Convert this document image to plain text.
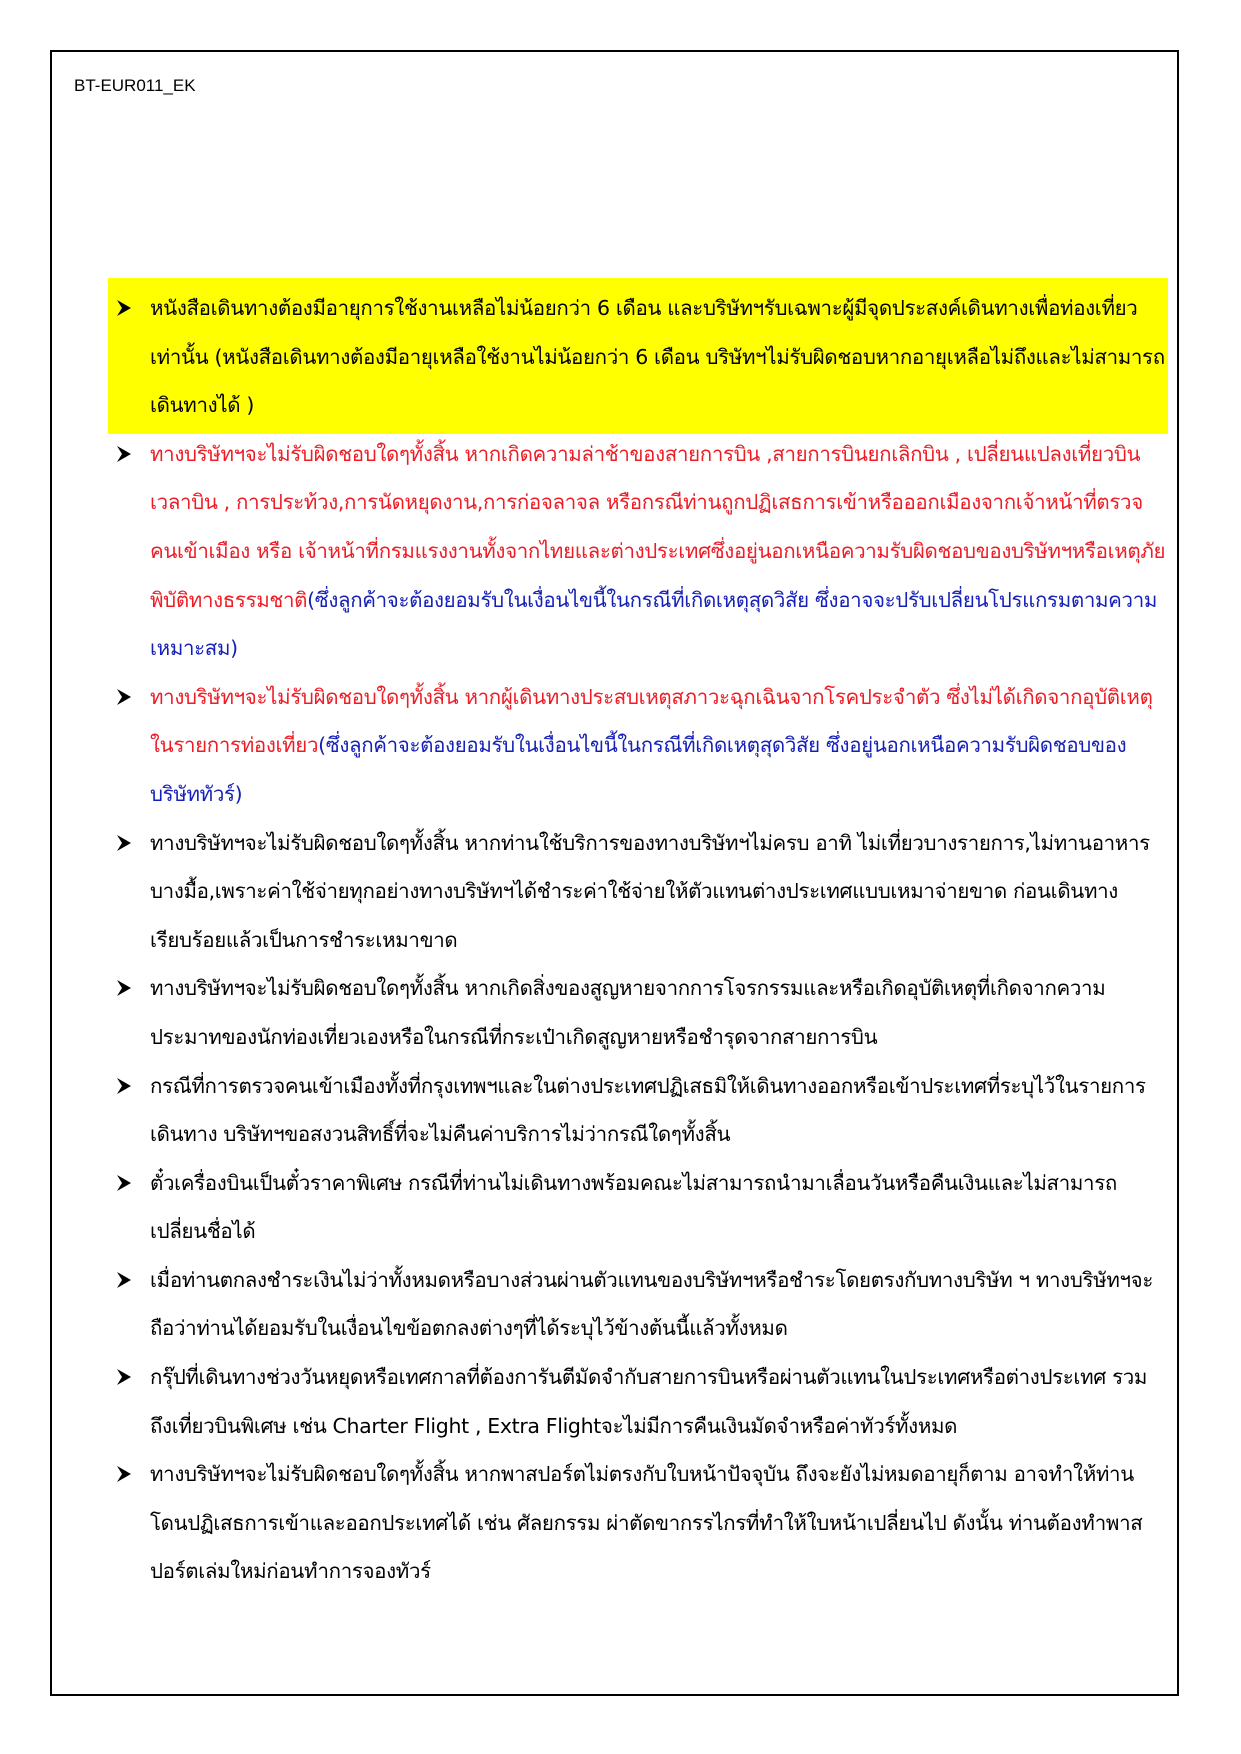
BT-EUR011_EK
หนังสือเดินทางต้องมีอายุการใช้งานเหลือไม่น้อยกว่า 6 เดือน และบริษัทฯรับเฉพาะผู้มีจุดประสงค์เดินทางเพื่อท่องเที่ยวเท่านั้น (หนังสือเดินทางต้องมีอายุเหลือใช้งานไม่น้อยกว่า 6 เดือน บริษัทฯไม่รับผิดชอบหากอายุเหลือไม่ถึงและไม่สามารถเดินทางได้ )
ทางบริษัทฯจะไม่รับผิดชอบใดๆทั้งสิ้น หากเกิดความล่าช้าของสายการบิน ,สายการบินยกเลิกบิน , เปลี่ยนแปลงเที่ยวบิน เวลาบิน , การประท้วง,การนัดหยุดงาน,การก่อจลาจล หรือกรณีท่านถูกปฏิเสธการเข้าหรือออกเมืองจากเจ้าหน้าที่ตรวจคนเข้าเมือง หรือ เจ้าหน้าที่กรมแรงงานทั้งจากไทยและต่างประเทศซึ่งอยู่นอกเหนือความรับผิดชอบของบริษัทฯหรือเหตุภัยพิบัติทางธรรมชาติ(ซึ่งลูกค้าจะต้องยอมรับในเงื่อนไขนี้ในกรณีที่เกิดเหตุสุดวิสัย ซึ่งอาจจะปรับเปลี่ยนโปรแกรมตามความเหมาะสม)
ทางบริษัทฯจะไม่รับผิดชอบใดๆทั้งสิ้น หากผู้เดินทางประสบเหตุสภาวะฉุกเฉินจากโรคประจำตัว ซึ่งไม่ได้เกิดจากอุบัติเหตุในรายการท่องเที่ยว(ซึ่งลูกค้าจะต้องยอมรับในเงื่อนไขนี้ในกรณีที่เกิดเหตุสุดวิสัย ซึ่งอยู่นอกเหนือความรับผิดชอบของบริษัททัวร์)
ทางบริษัทฯจะไม่รับผิดชอบใดๆทั้งสิ้น หากท่านใช้บริการของทางบริษัทฯไม่ครบ อาทิ ไม่เที่ยวบางรายการ,ไม่ทานอาหารบางมื้อ,เพราะค่าใช้จ่ายทุกอย่างทางบริษัทฯได้ชำระค่าใช้จ่ายให้ตัวแทนต่างประเทศแบบเหมาจ่ายขาด ก่อนเดินทางเรียบร้อยแล้วเป็นการชำระเหมาขาด
ทางบริษัทฯจะไม่รับผิดชอบใดๆทั้งสิ้น หากเกิดสิ่งของสูญหายจากการโจรกรรมและหรือเกิดอุบัติเหตุที่เกิดจากความประมาทของนักท่องเที่ยวเองหรือในกรณีที่กระเป๋าเกิดสูญหายหรือชำรุดจากสายการบิน
กรณีที่การตรวจคนเข้าเมืองทั้งที่กรุงเทพฯและในต่างประเทศปฏิเสธมิให้เดินทางออกหรือเข้าประเทศที่ระบุไว้ในรายการเดินทาง บริษัทฯขอสงวนสิทธิ์ที่จะไม่คืนค่าบริการไม่ว่ากรณีใดๆทั้งสิ้น
ตั๋วเครื่องบินเป็นตั๋วราคาพิเศษ กรณีที่ท่านไม่เดินทางพร้อมคณะไม่สามารถนำมาเลื่อนวันหรือคืนเงินและไม่สามารถเปลี่ยนชื่อได้
เมื่อท่านตกลงชำระเงินไม่ว่าทั้งหมดหรือบางส่วนผ่านตัวแทนของบริษัทฯหรือชำระโดยตรงกับทางบริษัท ฯ ทางบริษัทฯจะถือว่าท่านได้ยอมรับในเงื่อนไขข้อตกลงต่างๆที่ได้ระบุไว้ข้างต้นนี้แล้วทั้งหมด
กรุ๊ปที่เดินทางช่วงวันหยุดหรือเทศกาลที่ต้องการันตีมัดจำกับสายการบินหรือผ่านตัวแทนในประเทศหรือต่างประเทศ รวมถึงเที่ยวบินพิเศษ เช่น Charter Flight , Extra Flightจะไม่มีการคืนเงินมัดจำหรือค่าทัวร์ทั้งหมด
ทางบริษัทฯจะไม่รับผิดชอบใดๆทั้งสิ้น หากพาสปอร์ตไม่ตรงกับใบหน้าปัจจุบัน ถึงจะยังไม่หมดอายุก็ตาม อาจทำให้ท่านโดนปฏิเสธการเข้าและออกประเทศได้ เช่น ศัลยกรรม ผ่าตัดขากรรไกรที่ทำให้ใบหน้าเปลี่ยนไป ดังนั้น ท่านต้องทำพาสปอร์ตเล่มใหม่ก่อนทำการจองทัวร์
